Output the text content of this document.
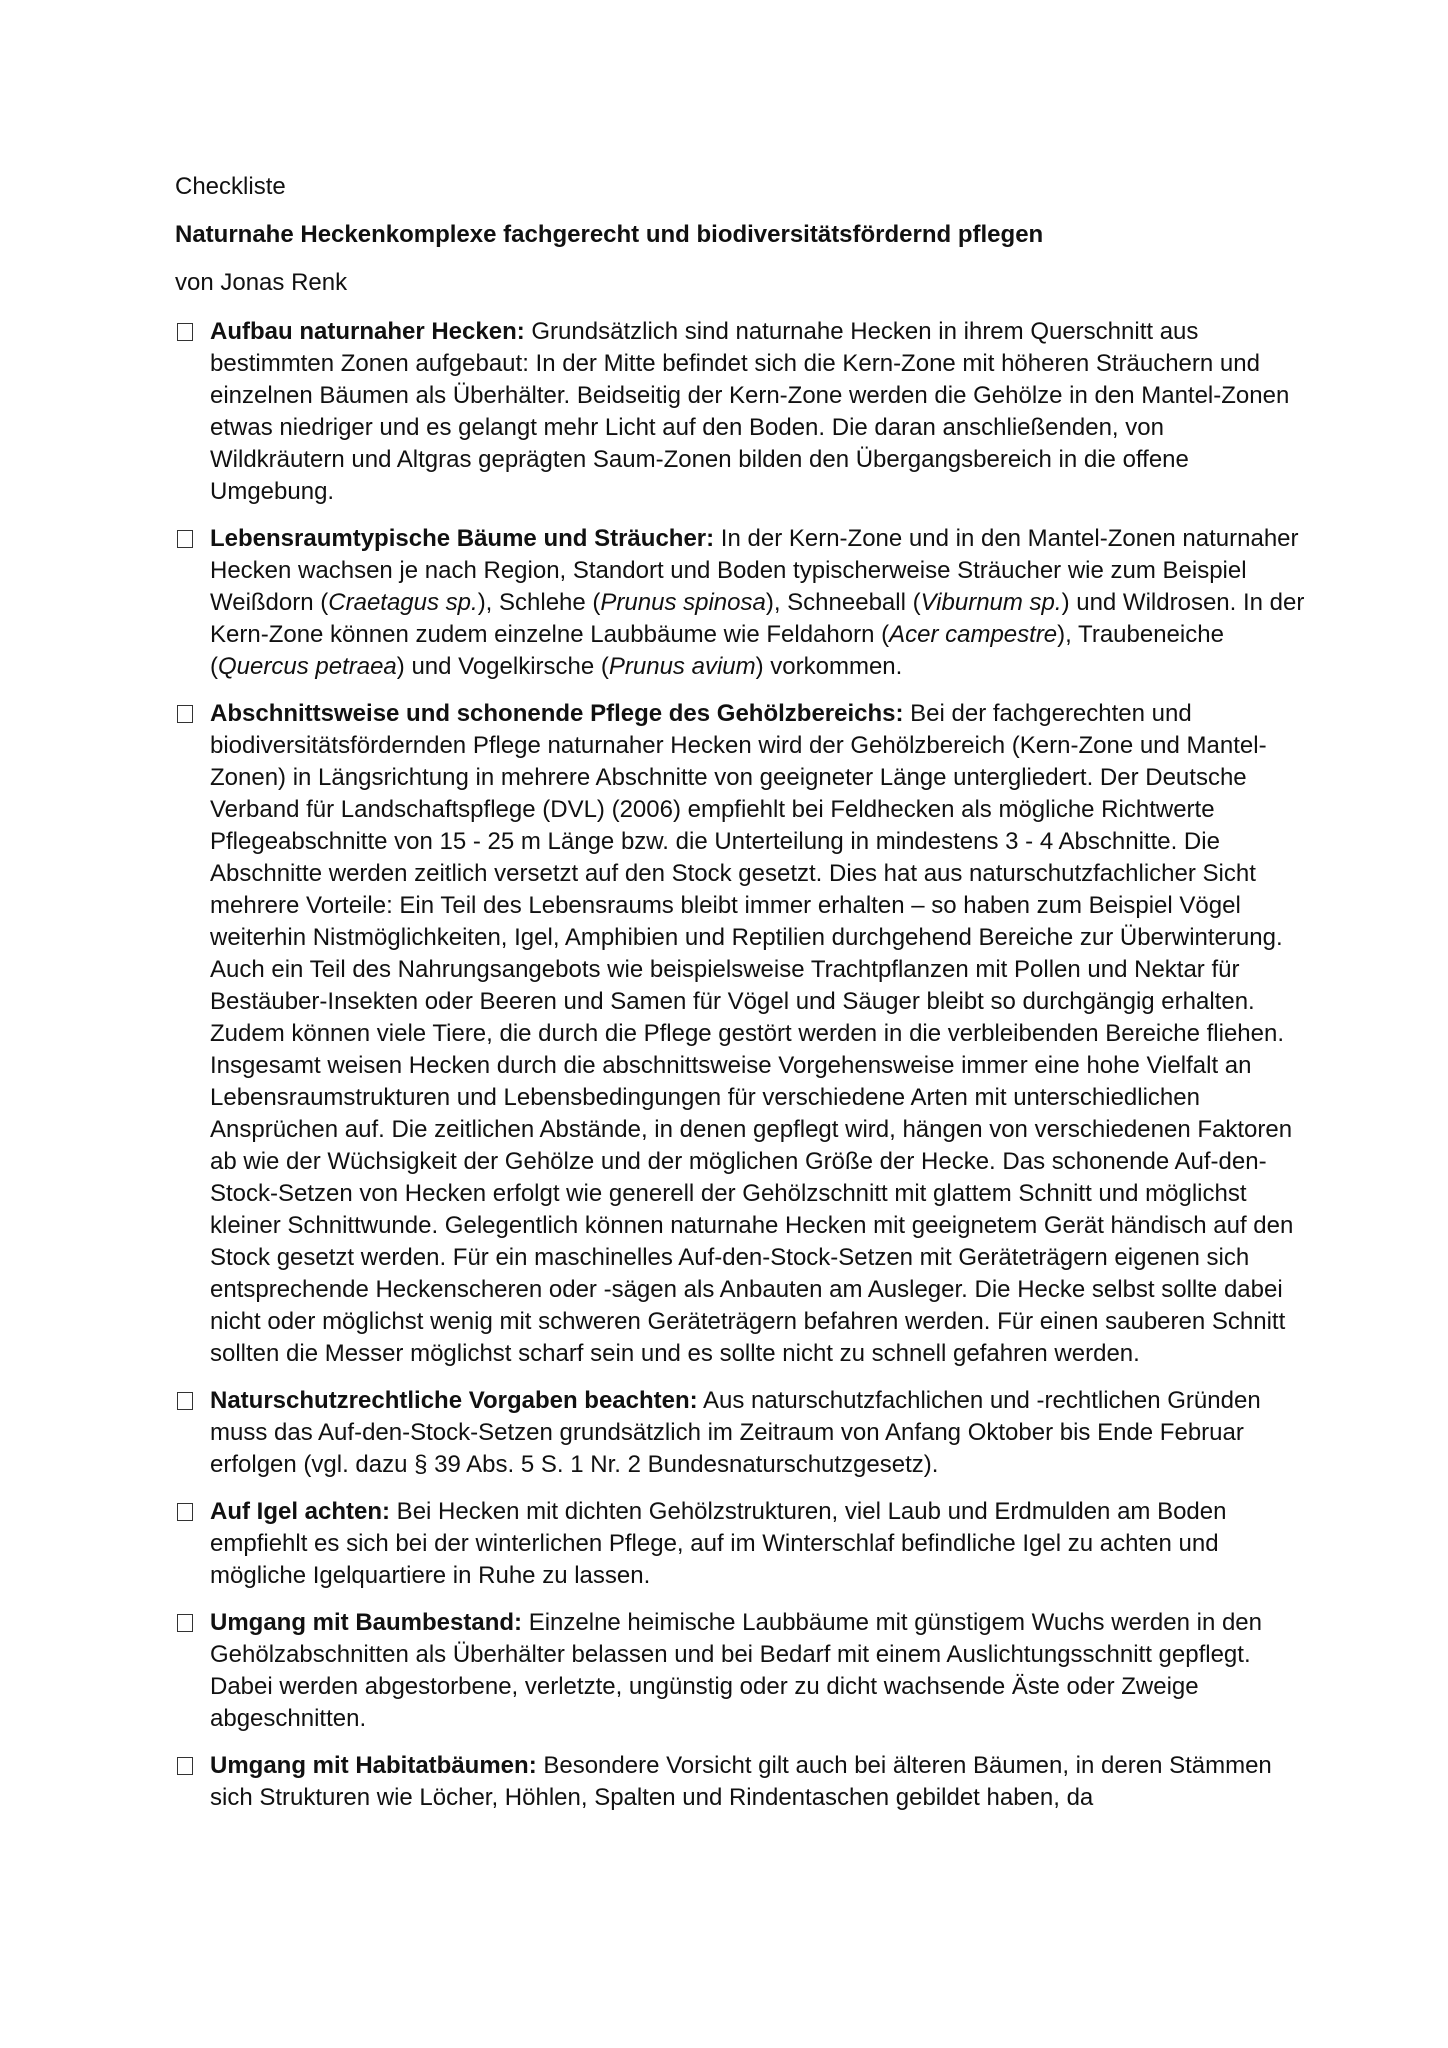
Checkliste

Naturnahe Heckenkomplexe fachgerecht und biodiversitätsfördernd pflegen

von Jonas Renk

Aufbau naturnaher Hecken: Grundsätzlich sind naturnahe Hecken in ihrem Querschnitt aus bestimmten Zonen aufgebaut: In der Mitte befindet sich die Kern-Zone mit höheren Sträuchern und einzelnen Bäumen als Überhälter. Beidseitig der Kern-Zone werden die Gehölze in den Mantel-Zonen etwas niedriger und es gelangt mehr Licht auf den Boden. Die daran anschließenden, von Wildkräutern und Altgras geprägten Saum-Zonen bilden den Übergangsbereich in die offene Umgebung.
Lebensraumtypische Bäume und Sträucher: In der Kern-Zone und in den Mantel-Zonen naturnaher Hecken wachsen je nach Region, Standort und Boden typischerweise Sträucher wie zum Beispiel Weißdorn (Craetagus sp.), Schlehe (Prunus spinosa), Schneeball (Viburnum sp.) und Wildrosen. In der Kern-Zone können zudem einzelne Laubbäume wie Feldahorn (Acer campestre), Traubeneiche (Quercus petraea) und Vogelkirsche (Prunus avium) vorkommen.
Abschnittsweise und schonende Pflege des Gehölzbereichs: Bei der fachgerechten und biodiversitätsfördernden Pflege naturnaher Hecken wird der Gehölzbereich (Kern-Zone und Mantel-Zonen) in Längsrichtung in mehrere Abschnitte von geeigneter Länge untergliedert. Der Deutsche Verband für Landschaftspflege (DVL) (2006) empfiehlt bei Feldhecken als mögliche Richtwerte Pflegeabschnitte von 15 - 25 m Länge bzw. die Unterteilung in mindestens 3 - 4 Abschnitte. Die Abschnitte werden zeitlich versetzt auf den Stock gesetzt. Dies hat aus naturschutzfachlicher Sicht mehrere Vorteile: Ein Teil des Lebensraums bleibt immer erhalten – so haben zum Beispiel Vögel weiterhin Nistmöglichkeiten, Igel, Amphibien und Reptilien durchgehend Bereiche zur Überwinterung. Auch ein Teil des Nahrungsangebots wie beispielsweise Trachtpflanzen mit Pollen und Nektar für Bestäuber-Insekten oder Beeren und Samen für Vögel und Säuger bleibt so durchgängig erhalten. Zudem können viele Tiere, die durch die Pflege gestört werden in die verbleibenden Bereiche fliehen. Insgesamt weisen Hecken durch die abschnittsweise Vorgehensweise immer eine hohe Vielfalt an Lebensraumstrukturen und Lebensbedingungen für verschiedene Arten mit unterschiedlichen Ansprüchen auf. Die zeitlichen Abstände, in denen gepflegt wird, hängen von verschiedenen Faktoren ab wie der Wüchsigkeit der Gehölze und der möglichen Größe der Hecke. Das schonende Auf-den-Stock-Setzen von Hecken erfolgt wie generell der Gehölzschnitt mit glattem Schnitt und möglichst kleiner Schnittwunde. Gelegentlich können naturnahe Hecken mit geeignetem Gerät händisch auf den Stock gesetzt werden. Für ein maschinelles Auf-den-Stock-Setzen mit Geräteträgern eigenen sich entsprechende Heckenscheren oder -sägen als Anbauten am Ausleger. Die Hecke selbst sollte dabei nicht oder möglichst wenig mit schweren Geräteträgern befahren werden. Für einen sauberen Schnitt sollten die Messer möglichst scharf sein und es sollte nicht zu schnell gefahren werden.
Naturschutzrechtliche Vorgaben beachten: Aus naturschutzfachlichen und -rechtlichen Gründen muss das Auf-den-Stock-Setzen grundsätzlich im Zeitraum von Anfang Oktober bis Ende Februar erfolgen (vgl. dazu § 39 Abs. 5 S. 1 Nr. 2 Bundesnaturschutzgesetz).
Auf Igel achten: Bei Hecken mit dichten Gehölzstrukturen, viel Laub und Erdmulden am Boden empfiehlt es sich bei der winterlichen Pflege, auf im Winterschlaf befindliche Igel zu achten und mögliche Igelquartiere in Ruhe zu lassen.
Umgang mit Baumbestand: Einzelne heimische Laubbäume mit günstigem Wuchs werden in den Gehölzabschnitten als Überhälter belassen und bei Bedarf mit einem Auslichtungsschnitt gepflegt. Dabei werden abgestorbene, verletzte, ungünstig oder zu dicht wachsende Äste oder Zweige abgeschnitten.
Umgang mit Habitatbäumen: Besondere Vorsicht gilt auch bei älteren Bäumen, in deren Stämmen sich Strukturen wie Löcher, Höhlen, Spalten und Rindentaschen gebildet haben, da
